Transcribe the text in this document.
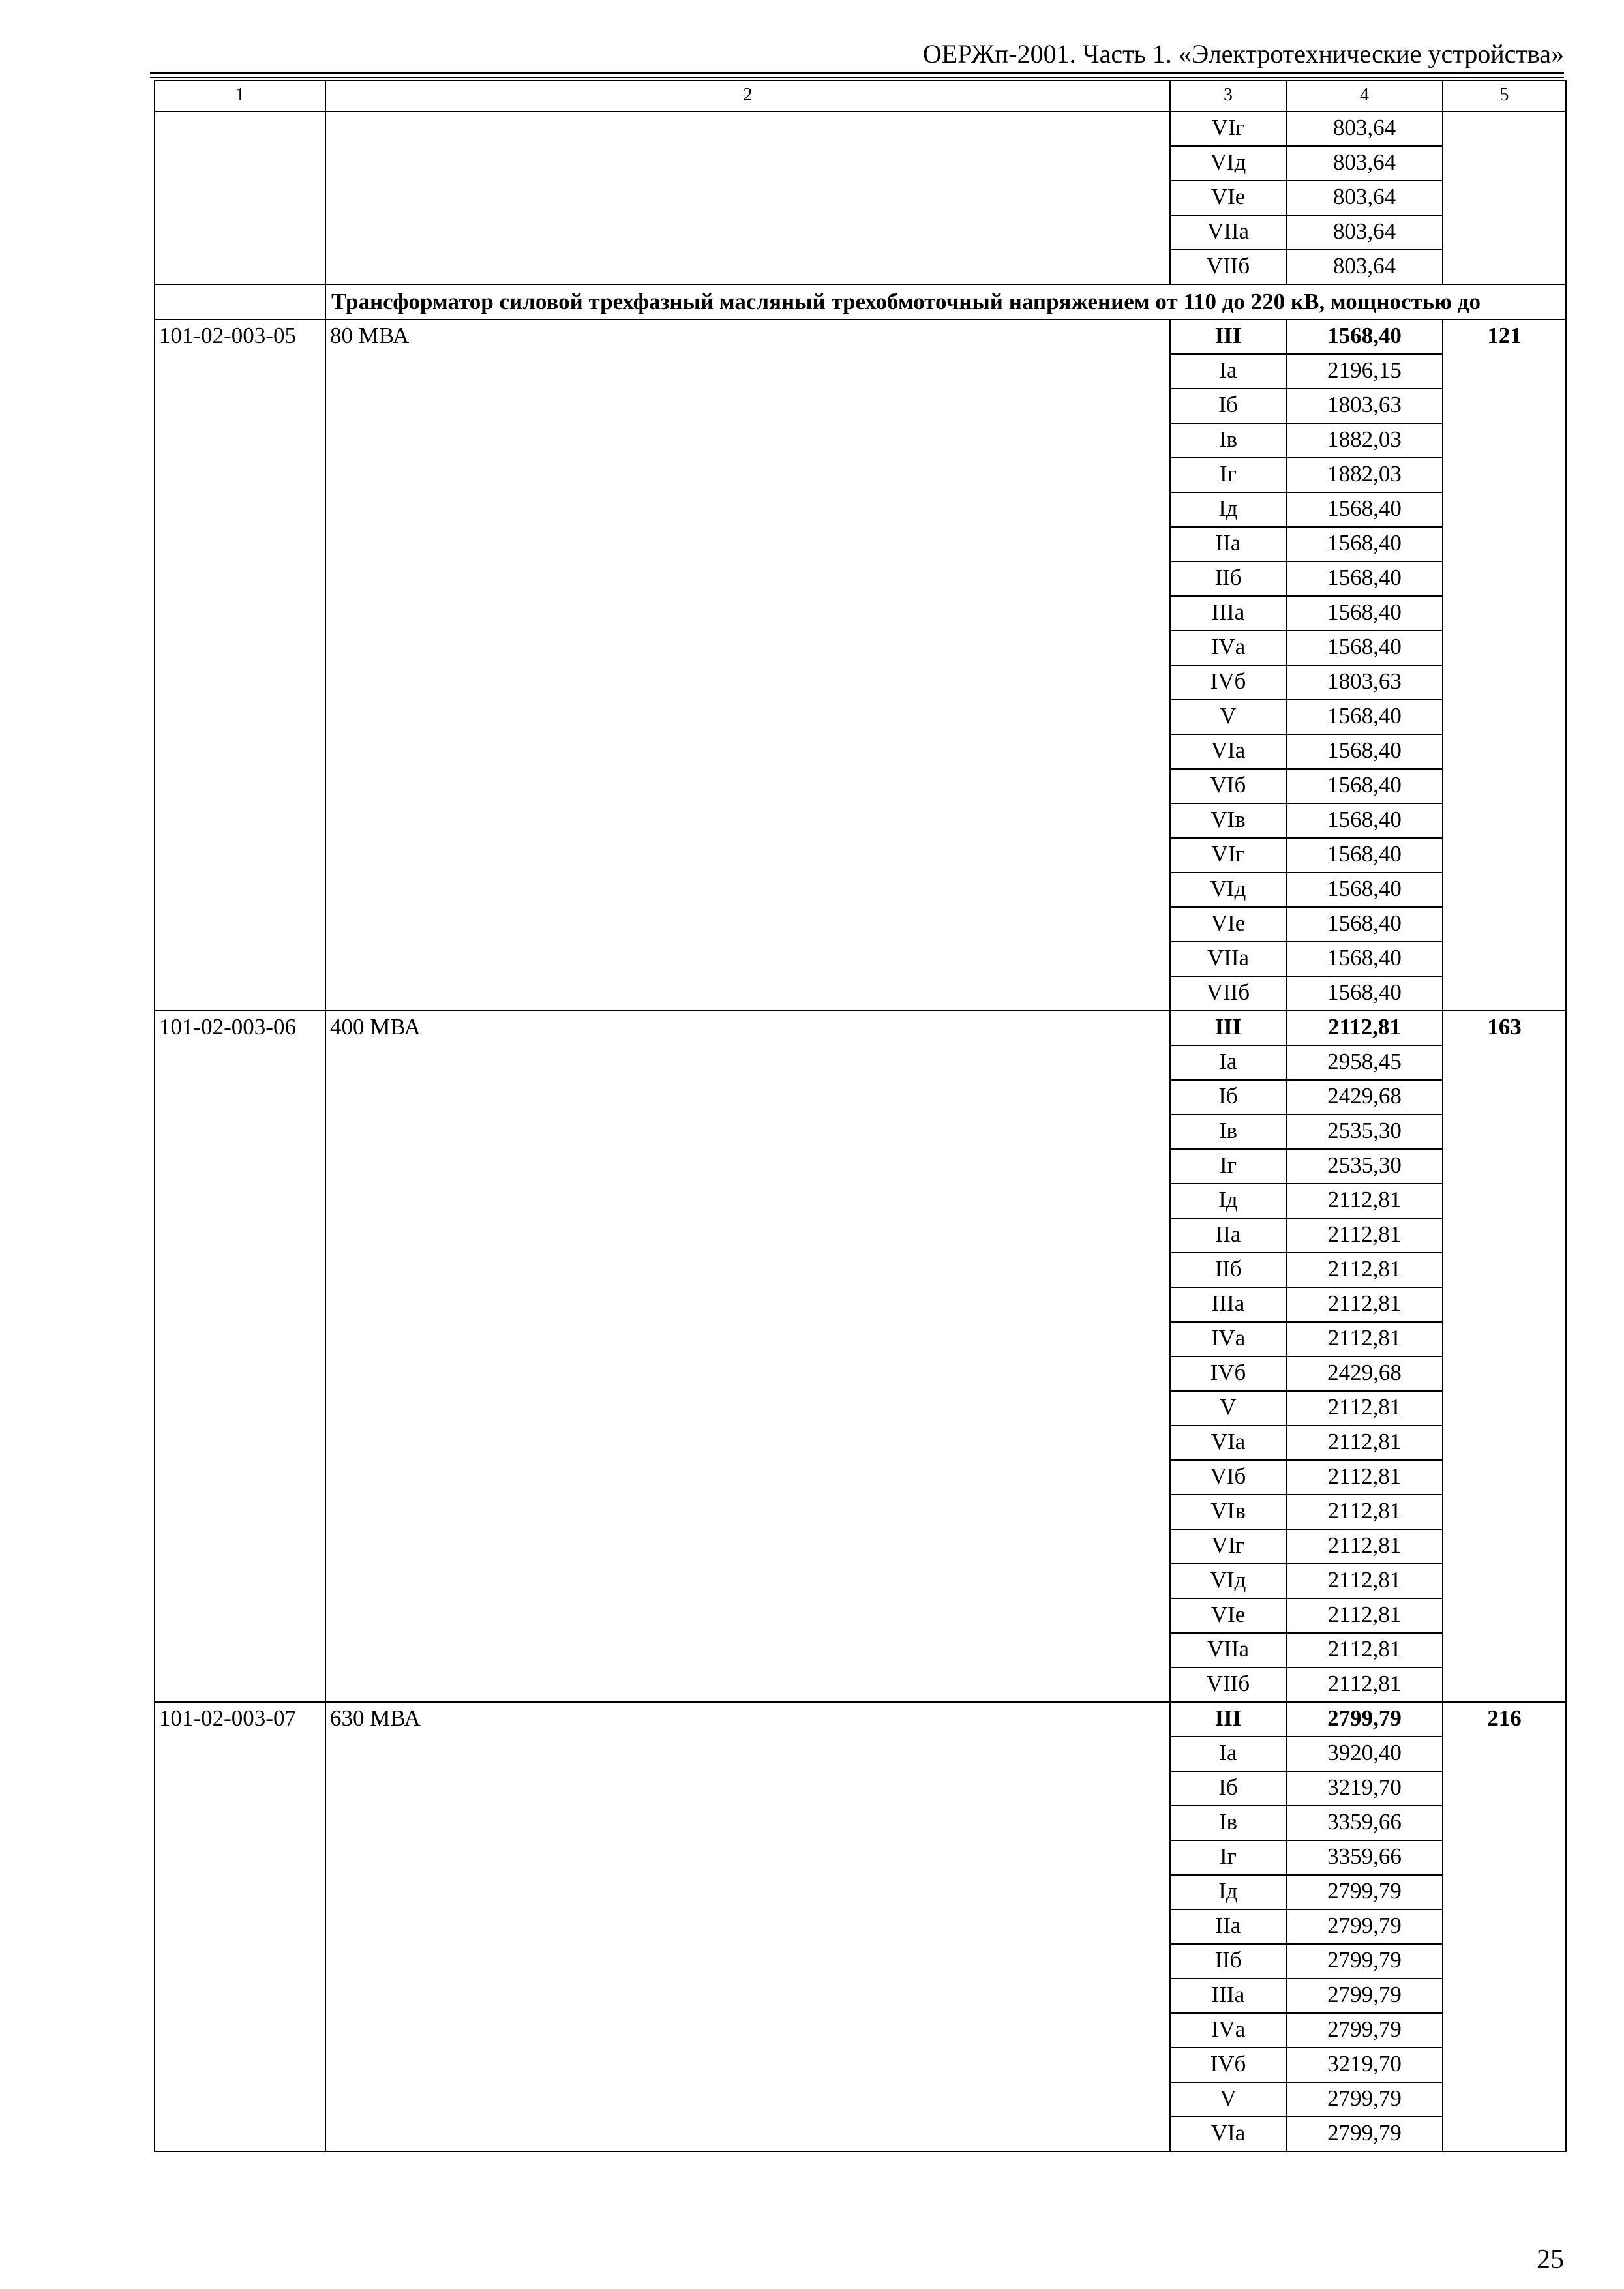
ОЕРЖп-2001. Часть 1. «Электротехнические устройства»
1	2	3	4	5
		VIг	803,64	
		VIд	803,64	
		VIе	803,64	
		VIIа	803,64	
		VIIб	803,64	
	Трансформатор силовой трехфазный масляный трехобмоточный напряжением от 110 до 220 кВ, мощностью до			
101-02-003-05	80 МВА	III	1568,40	121
		Iа	2196,15	
		Iб	1803,63	
		Iв	1882,03	
		Iг	1882,03	
		Iд	1568,40	
		IIа	1568,40	
		IIб	1568,40	
		IIIа	1568,40	
		IVа	1568,40	
		IVб	1803,63	
		V	1568,40	
		VIа	1568,40	
		VIб	1568,40	
		VIв	1568,40	
		VIг	1568,40	
		VIд	1568,40	
		VIе	1568,40	
		VIIа	1568,40	
		VIIб	1568,40	
101-02-003-06	400 МВА	III	2112,81	163
		Iа	2958,45	
		Iб	2429,68	
		Iв	2535,30	
		Iг	2535,30	
		Iд	2112,81	
		IIа	2112,81	
		IIб	2112,81	
		IIIа	2112,81	
		IVа	2112,81	
		IVб	2429,68	
		V	2112,81	
		VIа	2112,81	
		VIб	2112,81	
		VIв	2112,81	
		VIг	2112,81	
		VIд	2112,81	
		VIе	2112,81	
		VIIа	2112,81	
		VIIб	2112,81	
101-02-003-07	630 МВА	III	2799,79	216
		Iа	3920,40	
		Iб	3219,70	
		Iв	3359,66	
		Iг	3359,66	
		Iд	2799,79	
		IIа	2799,79	
		IIб	2799,79	
		IIIа	2799,79	
		IVа	2799,79	
		IVб	3219,70	
		V	2799,79	
		VIа	2799,79	
25
